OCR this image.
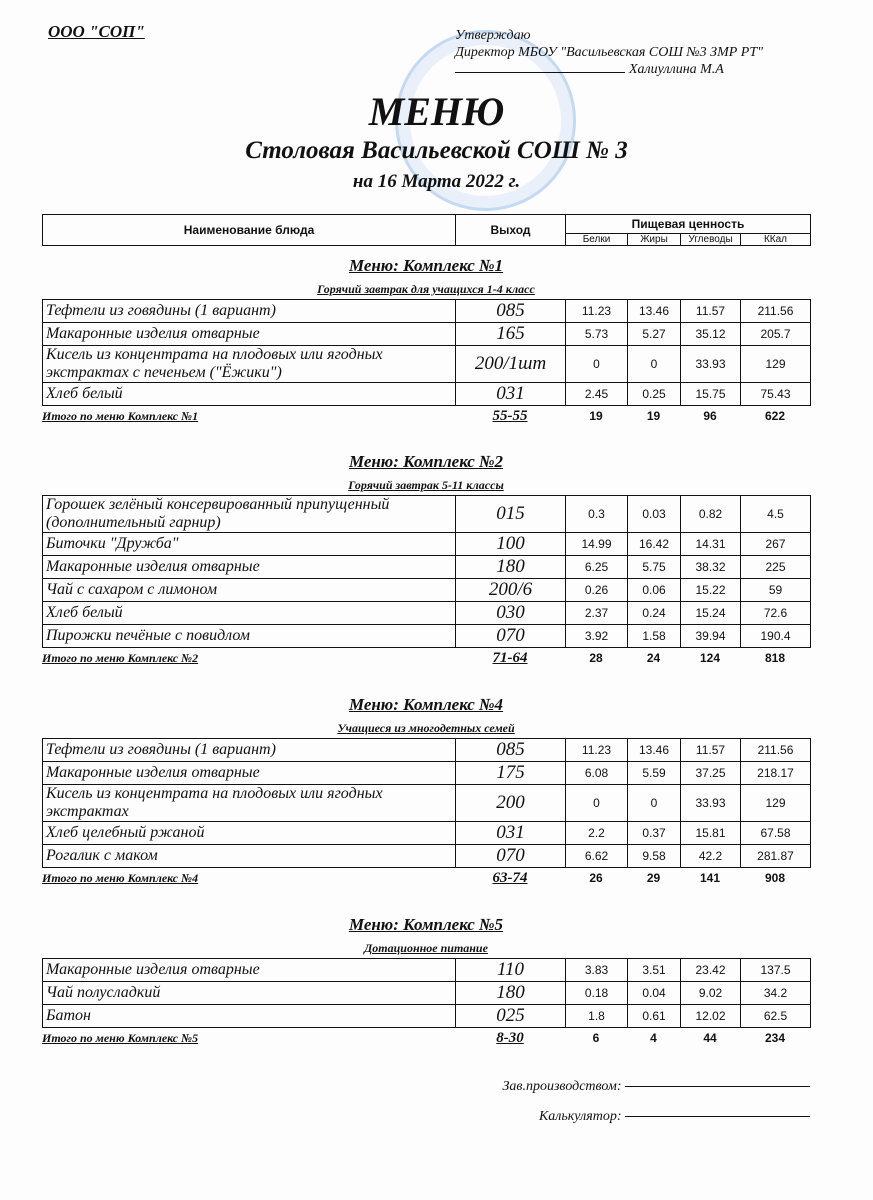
ООО "СОП"	Утверждаю
Директор МБОУ "Васильевская СОШ №3 ЗМР РТ"
Халиуллина М.А
МЕНЮ
Столовая Васильевской СОШ № 3
на 16 Марта 2022 г.
Наименование блюда	Выход	Пищевая ценность			
		Белки	Жиры	Углеводы	ККал
Меню: Комплекс №1
Горячий завтрак для учащихся 1-4 класс
Тефтели из говядины (1 вариант)	085	11.23	13.46	11.57	211.56
Макаронные изделия отварные	165	5.73	5.27	35.12	205.7
Кисель из концентрата на плодовых или ягодных экстрактах с печеньем ("Ёжики")	200/1шт	0	0	33.93	129
Хлеб белый	031	2.45	0.25	15.75	75.43
Итого по меню Комплекс №1	55-55	19	19	96	622
Меню: Комплекс №2
Горячий завтрак 5-11 классы
Горошек зелёный консервированный припущенный (дополнительный гарнир)	015	0.3	0.03	0.82	4.5
Биточки "Дружба"	100	14.99	16.42	14.31	267
Макаронные изделия отварные	180	6.25	5.75	38.32	225
Чай с сахаром с лимоном	200/6	0.26	0.06	15.22	59
Хлеб белый	030	2.37	0.24	15.24	72.6
Пирожки печёные с повидлом	070	3.92	1.58	39.94	190.4
Итого по меню Комплекс №2	71-64	28	24	124	818
Меню: Комплекс №4
Учащиеся из многодетных семей
Тефтели из говядины (1 вариант)	085	11.23	13.46	11.57	211.56
Макаронные изделия отварные	175	6.08	5.59	37.25	218.17
Кисель из концентрата на плодовых или ягодных экстрактах	200	0	0	33.93	129
Хлеб целебный ржаной	031	2.2	0.37	15.81	67.58
Рогалик с маком	070	6.62	9.58	42.2	281.87
Итого по меню Комплекс №4	63-74	26	29	141	908
Меню: Комплекс №5
Дотационное питание
Макаронные изделия отварные	110	3.83	3.51	23.42	137.5
Чай полусладкий	180	0.18	0.04	9.02	34.2
Батон	025	1.8	0.61	12.02	62.5
Итого по меню Комплекс №5	8-30	6	4	44	234
Зав.производством:
Калькулятор:
